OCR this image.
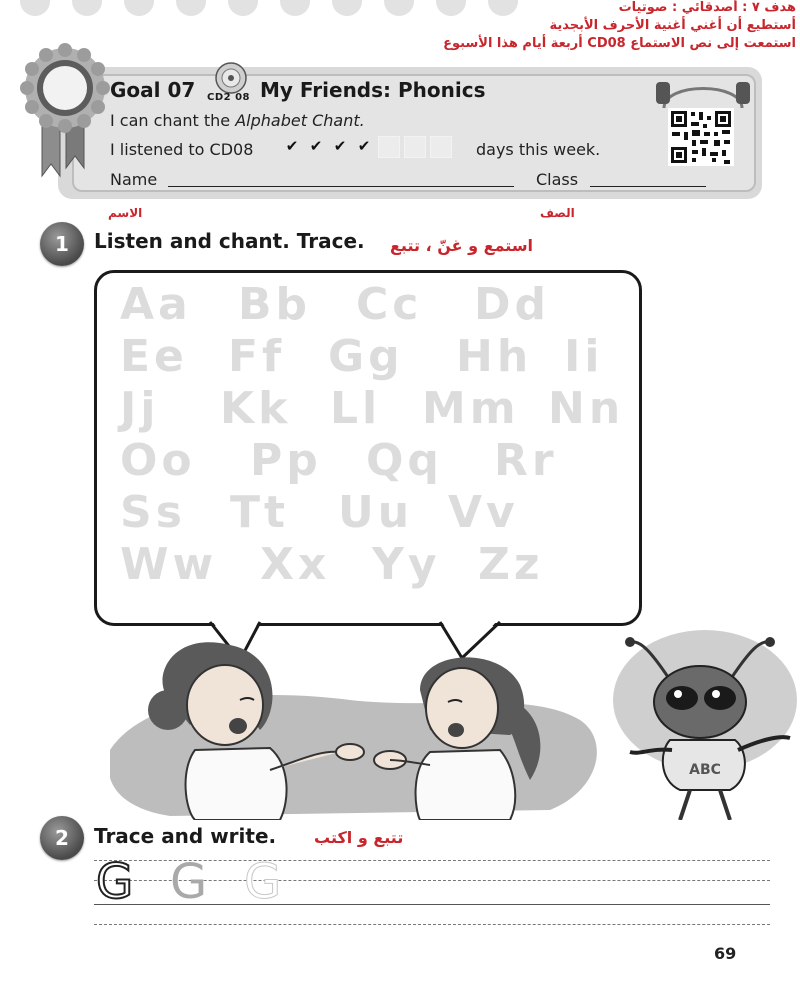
هدف ٧ : أصدقائي : صوتيات
أستطيع أن أغني أغنية الأحرف الأبجدية
استمعت إلى نص الاستماع CD08 أربعة أيام هذا الأسبوع
Goal 07 CD2 08 My Friends: Phonics
I can chant the Alphabet Chant.
I listened to CD08 ✔ ✔ ✔ ✔	days this week.
Name	Class
الاسم	الصف
1	Listen and chant. Trace. استمع و غنّ ، تتبع
Aa	Bb	Cc	Dd
Ee Ff Gg	Hh Ii
Jj	Kk Ll Mm Nn
Oo	Pp	Qq	Rr
Ss	Tt	Uu Vv
Ww Xx Yy Zz
ABC
2	Trace and write. تتبع و اكتب
G G G
69
